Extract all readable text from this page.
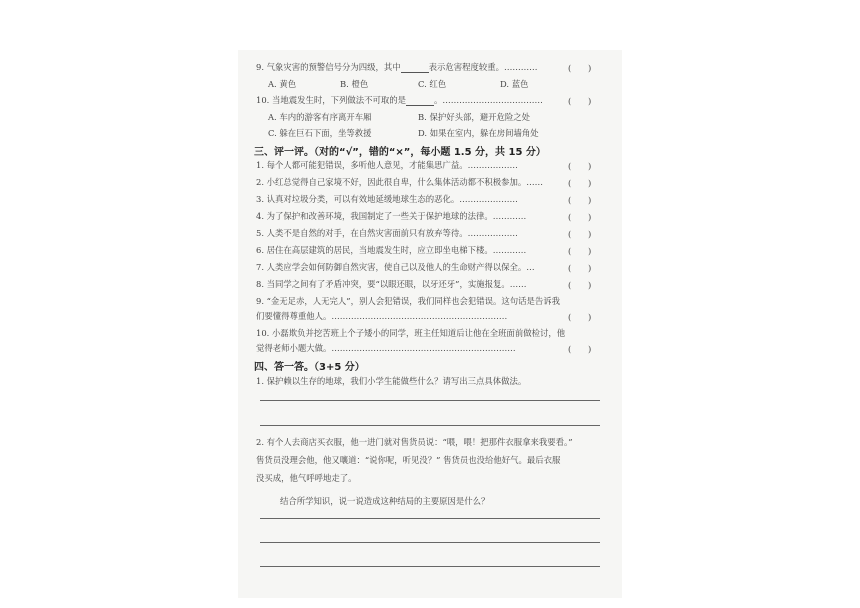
9. 气象灾害的预警信号分为四级，其中	表示危害程度较重。…………	(　　)
A. 黄色	B. 橙色	C. 红色	D. 蓝色
10. 当地震发生时，下列做法不可取的是	。………………………………	(　　)
A. 车内的游客有序离开车厢	B. 保护好头部，避开危险之处
C. 躲在巨石下面，坐等救援	D. 如果在室内，躲在房间墙角处
三、评一评。（对的“√”，错的“×”，每小题 1.5 分，共 15 分）
1. 每个人都可能犯错误，多听他人意见，才能集思广益。………………	(　　)
2. 小红总觉得自己家境不好，因此很自卑，什么集体活动都不积极参加。……	(　　)
3. 认真对垃圾分类，可以有效地延缓地球生态的恶化。…………………	(　　)
4. 为了保护和改善环境，我国制定了一些关于保护地球的法律。…………	(　　)
5. 人类不是自然的对手，在自然灾害面前只有放弃等待。………………	(　　)
6. 居住在高层建筑的居民，当地震发生时，应立即坐电梯下楼。…………	(　　)
7. 人类应学会如何防御自然灾害，使自己以及他人的生命财产得以保全。…	(　　)
8. 当同学之间有了矛盾冲突，要“以眼还眼，以牙还牙”，实施报复。……	(　　)
9. “金无足赤，人无完人”，别人会犯错误，我们同样也会犯错误。这句话是告诉我
们要懂得尊重他人。………………………………………………………	(　　)
10. 小磊欺负并挖苦班上个子矮小的同学，班主任知道后让他在全班面前做检讨，他
觉得老师小题大做。…………………………………………………………	(　　)
四、答一答。（3+5 分）
1. 保护赖以生存的地球，我们小学生能做些什么？请写出三点具体做法。
2. 有个人去商店买衣服，他一进门就对售货员说：“喂，喂！把那件衣服拿来我要看。”
售货员没理会他，他又嚷道：“说你呢，听见没？” 售货员也没给他好气。最后衣服
没买成，他气呼呼地走了。
结合所学知识，说一说造成这种结局的主要原因是什么？
